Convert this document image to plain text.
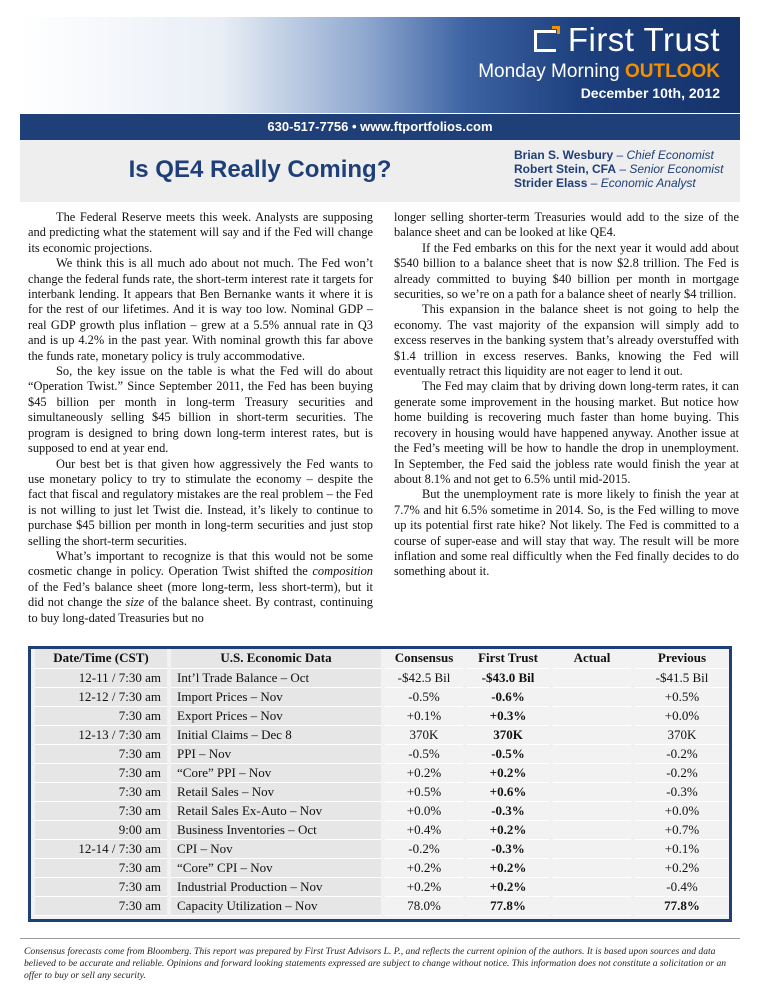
First Trust
Monday Morning OUTLOOK
December 10th, 2012
630-517-7756 • www.ftportfolios.com
Is QE4 Really Coming?
Brian S. Wesbury – Chief Economist
Robert Stein, CFA – Senior Economist
Strider Elass – Economic Analyst

The Federal Reserve meets this week. Analysts are supposing and predicting what the statement will say and if the Fed will change its economic projections.

We think this is all much ado about not much. The Fed won’t change the federal funds rate, the short-term interest rate it targets for interbank lending. It appears that Ben Bernanke wants it where it is for the rest of our lifetimes. And it is way too low. Nominal GDP – real GDP growth plus inflation – grew at a 5.5% annual rate in Q3 and is up 4.2% in the past year. With nominal growth this far above the funds rate, monetary policy is truly accommodative.

So, the key issue on the table is what the Fed will do about “Operation Twist.” Since September 2011, the Fed has been buying $45 billion per month in long-term Treasury securities and simultaneously selling $45 billion in short-term securities. The program is designed to bring down long-term interest rates, but is supposed to end at year end.

Our best bet is that given how aggressively the Fed wants to use monetary policy to try to stimulate the economy – despite the fact that fiscal and regulatory mistakes are the real problem – the Fed is not willing to just let Twist die. Instead, it’s likely to continue to purchase $45 billion per month in long-term securities and just stop selling the short-term securities.

What’s important to recognize is that this would not be some cosmetic change in policy. Operation Twist shifted the composition of the Fed’s balance sheet (more long-term, less short-term), but it did not change the size of the balance sheet. By contrast, continuing to buy long-dated Treasuries but no

longer selling shorter-term Treasuries would add to the size of the balance sheet and can be looked at like QE4.

If the Fed embarks on this for the next year it would add about $540 billion to a balance sheet that is now $2.8 trillion. The Fed is already committed to buying $40 billion per month in mortgage securities, so we’re on a path for a balance sheet of nearly $4 trillion.

This expansion in the balance sheet is not going to help the economy. The vast majority of the expansion will simply add to excess reserves in the banking system that’s already overstuffed with $1.4 trillion in excess reserves. Banks, knowing the Fed will eventually retract this liquidity are not eager to lend it out.

The Fed may claim that by driving down long-term rates, it can generate some improvement in the housing market. But notice how home building is recovering much faster than home buying. This recovery in housing would have happened anyway. Another issue at the Fed’s meeting will be how to handle the drop in unemployment. In September, the Fed said the jobless rate would finish the year at about 8.1% and not get to 6.5% until mid-2015.

But the unemployment rate is more likely to finish the year at 7.7% and hit 6.5% sometime in 2014. So, is the Fed willing to move up its potential first rate hike? Not likely. The Fed is committed to a course of super-ease and will stay that way. The result will be more inflation and some real difficultly when the Fed finally decides to do something about it.

Date/Time (CST)	U.S. Economic Data	Consensus	First Trust	Actual	Previous
12-11 / 7:30 am	Int’l Trade Balance – Oct	-$42.5 Bil	-$43.0 Bil		-$41.5 Bil
12-12 / 7:30 am	Import Prices – Nov	-0.5%	-0.6%		+0.5%
7:30 am	Export Prices – Nov	+0.1%	+0.3%		+0.0%
12-13 / 7:30 am	Initial Claims – Dec 8	370K	370K		370K
7:30 am	PPI – Nov	-0.5%	-0.5%		-0.2%
7:30 am	“Core” PPI – Nov	+0.2%	+0.2%		-0.2%
7:30 am	Retail Sales – Nov	+0.5%	+0.6%		-0.3%
7:30 am	Retail Sales Ex-Auto – Nov	+0.0%	-0.3%		+0.0%
9:00 am	Business Inventories – Oct	+0.4%	+0.2%		+0.7%
12-14 / 7:30 am	CPI – Nov	-0.2%	-0.3%		+0.1%
7:30 am	“Core” CPI – Nov	+0.2%	+0.2%		+0.2%
7:30 am	Industrial Production – Nov	+0.2%	+0.2%		-0.4%
7:30 am	Capacity Utilization – Nov	78.0%	77.8%		77.8%
Consensus forecasts come from Bloomberg. This report was prepared by First Trust Advisors L. P., and reflects the current opinion of the authors. It is based upon sources and data believed to be accurate and reliable. Opinions and forward looking statements expressed are subject to change without notice. This information does not constitute a solicitation or an offer to buy or sell any security.
